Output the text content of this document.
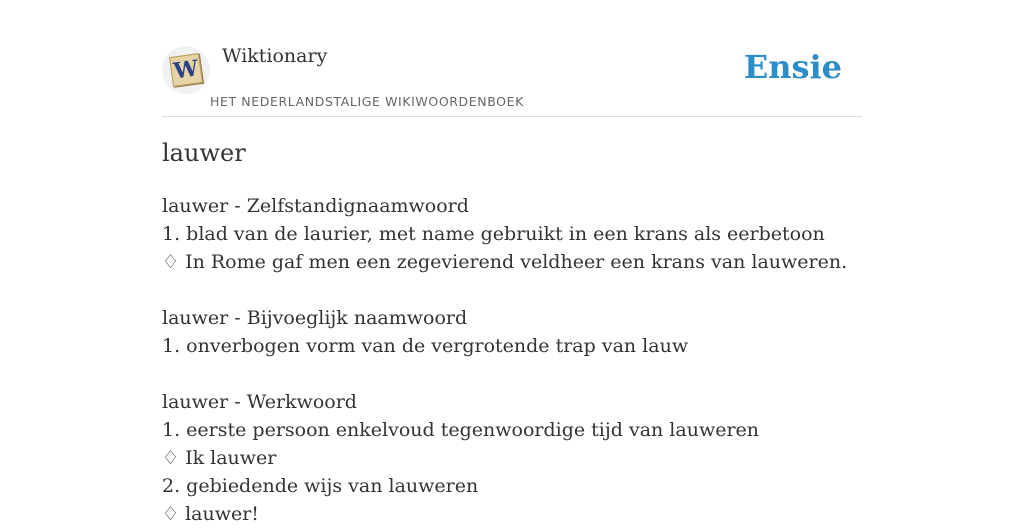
W Wiktionary
HET NEDERLANDSTALIGE WIKIWOORDENBOEK
Ensie
lauwer
lauwer - Zelfstandignaamwoord
1. blad van de laurier, met name gebruikt in een krans als eerbetoon
♢ In Rome gaf men een zegevierend veldheer een krans van lauweren.
lauwer - Bijvoeglijk naamwoord
1. onverbogen vorm van de vergrotende trap van lauw
lauwer - Werkwoord
1. eerste persoon enkelvoud tegenwoordige tijd van lauweren
♢ Ik lauwer
2. gebiedende wijs van lauweren
♢ lauwer!
